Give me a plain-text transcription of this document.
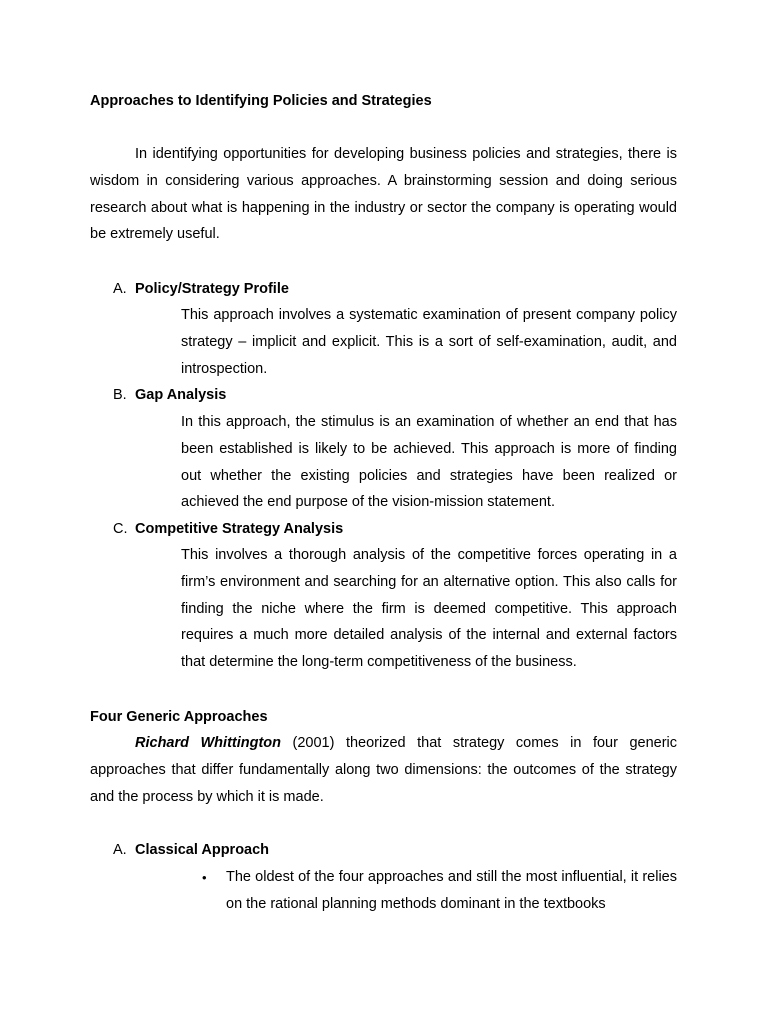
Approaches to Identifying Policies and Strategies

In identifying opportunities for developing business policies and strategies, there is wisdom in considering various approaches. A brainstorming session and doing serious research about what is happening in the industry or sector the company is operating would be extremely useful.

A. Policy/Strategy Profile

This approach involves a systematic examination of present company policy strategy – implicit and explicit. This is a sort of self-examination, audit, and introspection.

B. Gap Analysis

In this approach, the stimulus is an examination of whether an end that has been established is likely to be achieved. This approach is more of finding out whether the existing policies and strategies have been realized or achieved the end purpose of the vision-mission statement.

C. Competitive Strategy Analysis

This involves a thorough analysis of the competitive forces operating in a firm’s environment and searching for an alternative option. This also calls for finding the niche where the firm is deemed competitive. This approach requires a much more detailed analysis of the internal and external factors that determine the long-term competitiveness of the business.

Four Generic Approaches

Richard Whittington (2001) theorized that strategy comes in four generic approaches that differ fundamentally along two dimensions: the outcomes of the strategy and the process by which it is made.

A. Classical Approach
• The oldest of the four approaches and still the most influential, it relies on the rational planning methods dominant in the textbooks
